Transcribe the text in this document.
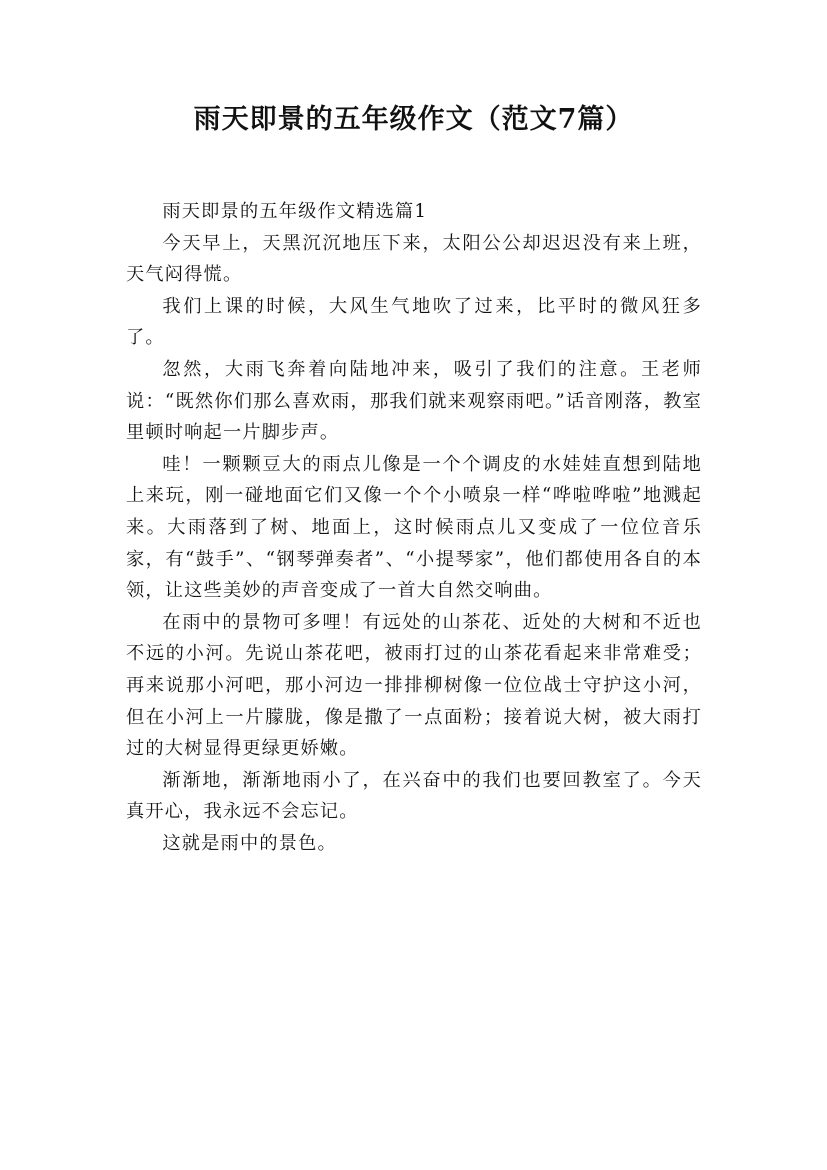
雨天即景的五年级作文（范文7篇）

雨天即景的五年级作文精选篇1

今天早上，天黑沉沉地压下来，太阳公公却迟迟没有来上班，天气闷得慌。

我们上课的时候，大风生气地吹了过来，比平时的微风狂多了。

忽然，大雨飞奔着向陆地冲来，吸引了我们的注意。王老师说：“既然你们那么喜欢雨，那我们就来观察雨吧。”话音刚落，教室里顿时响起一片脚步声。

哇！一颗颗豆大的雨点儿像是一个个调皮的水娃娃直想到陆地上来玩，刚一碰地面它们又像一个个小喷泉一样“哗啦哗啦”地溅起来。大雨落到了树、地面上，这时候雨点儿又变成了一位位音乐家，有“鼓手”、“钢琴弹奏者”、“小提琴家”，他们都使用各自的本领，让这些美妙的声音变成了一首大自然交响曲。

在雨中的景物可多哩！有远处的山茶花、近处的大树和不近也不远的小河。先说山茶花吧，被雨打过的山茶花看起来非常难受；再来说那小河吧，那小河边一排排柳树像一位位战士守护这小河，但在小河上一片朦胧，像是撒了一点面粉；接着说大树，被大雨打过的大树显得更绿更娇嫩。

渐渐地，渐渐地雨小了，在兴奋中的我们也要回教室了。今天真开心，我永远不会忘记。

这就是雨中的景色。
